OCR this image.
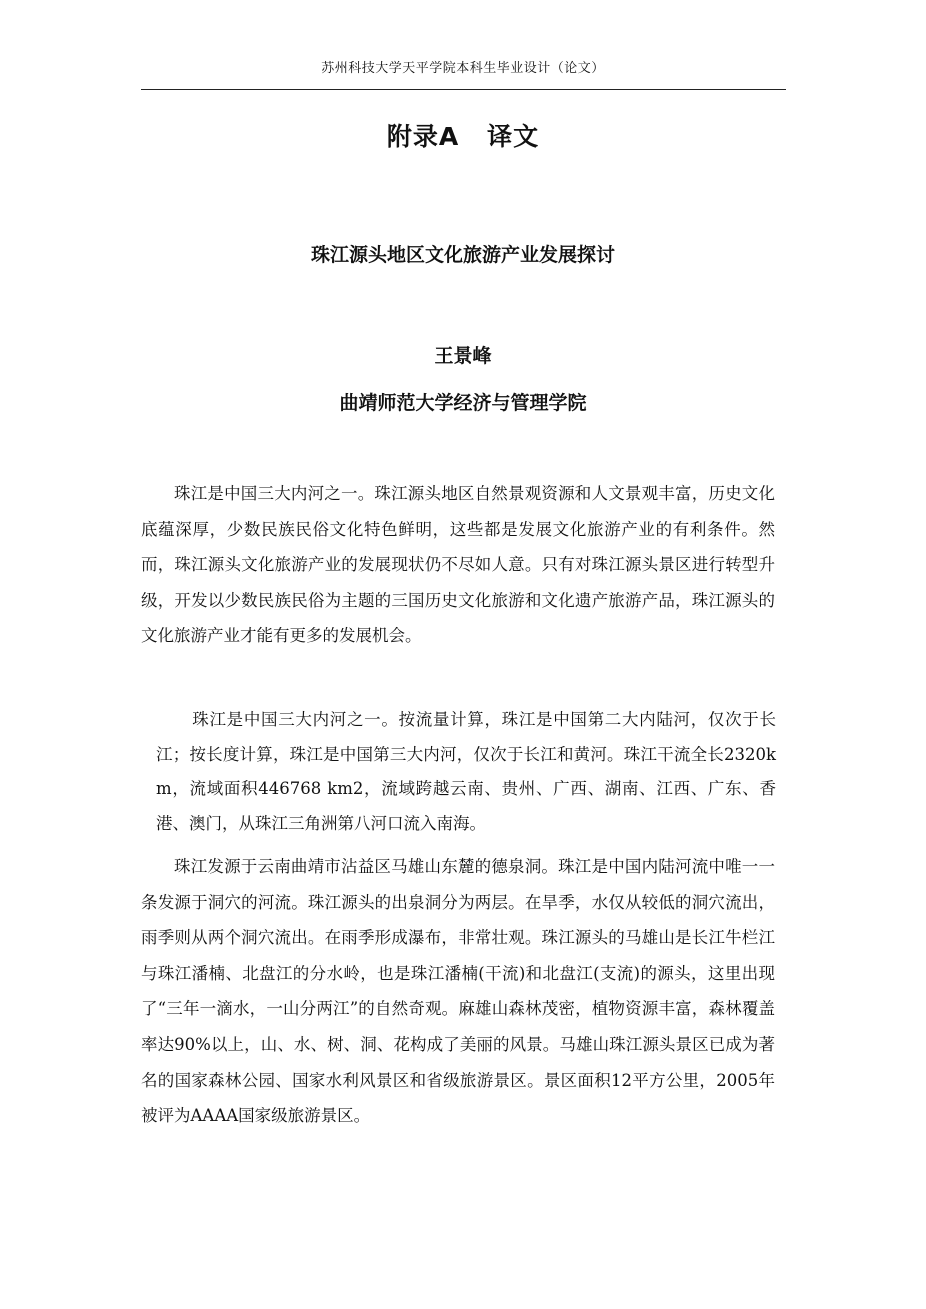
苏州科技大学天平学院本科生毕业设计（论文）
附录A 译文
珠江源头地区文化旅游产业发展探讨
王景峰
曲靖师范大学经济与管理学院

珠江是中国三大内河之一。珠江源头地区自然景观资源和人文景观丰富，历史文化底蕴深厚，少数民族民俗文化特色鲜明，这些都是发展文化旅游产业的有利条件。然而，珠江源头文化旅游产业的发展现状仍不尽如人意。只有对珠江源头景区进行转型升级，开发以少数民族民俗为主题的三国历史文化旅游和文化遗产旅游产品，珠江源头的文化旅游产业才能有更多的发展机会。

珠江是中国三大内河之一。按流量计算，珠江是中国第二大内陆河，仅次于长江；按长度计算，珠江是中国第三大内河，仅次于长江和黄河。珠江干流全长2320km，流域面积446768 km2，流域跨越云南、贵州、广西、湖南、江西、广东、香港、澳门，从珠江三角洲第八河口流入南海。

珠江发源于云南曲靖市沾益区马雄山东麓的德泉洞。珠江是中国内陆河流中唯一一条发源于洞穴的河流。珠江源头的出泉洞分为两层。在旱季，水仅从较低的洞穴流出，雨季则从两个洞穴流出。在雨季形成瀑布，非常壮观。珠江源头的马雄山是长江牛栏江与珠江潘楠、北盘江的分水岭，也是珠江潘楠(干流)和北盘江(支流)的源头，这里出现了“三年一滴水，一山分两江”的自然奇观。麻雄山森林茂密，植物资源丰富，森林覆盖率达90%以上，山、水、树、洞、花构成了美丽的风景。马雄山珠江源头景区已成为著名的国家森林公园、国家水利风景区和省级旅游景区。景区面积12平方公里，2005年被评为AAAA国家级旅游景区。
